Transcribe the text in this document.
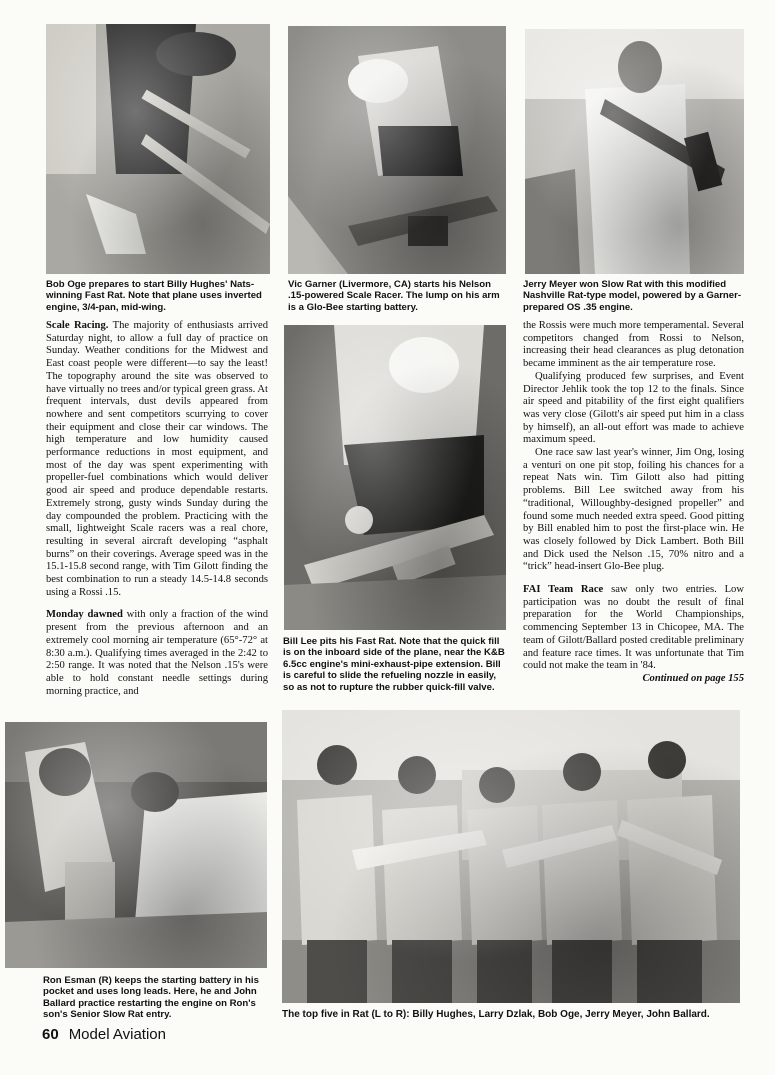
Bob Oge prepares to start Billy Hughes' Nats-winning Fast Rat. Note that plane uses inverted engine, 3/4-pan, mid-wing.

Vic Garner (Livermore, CA) starts his Nelson .15-powered Scale Racer. The lump on his arm is a Glo-Bee starting battery.

Jerry Meyer won Slow Rat with this modified Nashville Rat-type model, powered by a Garner-prepared OS .35 engine.

Scale Racing. The majority of enthusiasts arrived Saturday night, to allow a full day of practice on Sunday. Weather conditions for the Midwest and East coast people were different—to say the least! The topography around the site was observed to have virtually no trees and/or typical green grass. At frequent intervals, dust devils appeared from nowhere and sent competitors scurrying to cover their equipment and close their car windows. The high temperature and low humidity caused performance reductions in most equipment, and most of the day was spent experimenting with propeller-fuel combinations which would deliver good air speed and produce dependable restarts. Extremely strong, gusty winds Sunday during the day compounded the problem. Practicing with the small, lightweight Scale racers was a real chore, resulting in several aircraft developing “asphalt burns” on their coverings. Average speed was in the 15.1-15.8 second range, with Tim Gilott finding the best combination to run a steady 14.5-14.8 seconds using a Rossi .15.

Monday dawned with only a fraction of the wind present from the previous afternoon and an extremely cool morning air temperature (65°-72° at 8:30 a.m.). Qualifying times averaged in the 2:42 to 2:50 range. It was noted that the Nelson .15's were able to hold constant needle settings during morning practice, and

Bill Lee pits his Fast Rat. Note that the quick fill is on the inboard side of the plane, near the K&B 6.5cc engine's mini-exhaust-pipe extension. Bill is careful to slide the refueling nozzle in easily, so as not to rupture the rubber quick-fill valve.

the Rossis were much more temperamental. Several competitors changed from Rossi to Nelson, increasing their head clearances as plug detonation became imminent as the air temperature rose.

Qualifying produced few surprises, and Event Director Jehlik took the top 12 to the finals. Since air speed and pitability of the first eight qualifiers was very close (Gilott's air speed put him in a class by himself), an all-out effort was made to achieve maximum speed.

One race saw last year's winner, Jim Ong, losing a venturi on one pit stop, foiling his chances for a repeat Nats win. Tim Gilott also had pitting problems. Bill Lee switched away from his “traditional, Willoughby-designed propeller” and found some much needed extra speed. Good pitting by Bill enabled him to post the first-place win. He was closely followed by Dick Lambert. Both Bill and Dick used the Nelson .15, 70% nitro and a “trick” head-insert Glo-Bee plug.

FAI Team Race saw only two entries. Low participation was no doubt the result of final preparation for the World Championships, commencing September 13 in Chicopee, MA. The team of Gilott/Ballard posted creditable preliminary and feature race times. It was unfortunate that Tim could not make the team in '84.

Continued on page 155

Ron Esman (R) keeps the starting battery in his pocket and uses long leads. Here, he and John Ballard practice restarting the engine on Ron's son's Senior Slow Rat entry.	The top five in Rat (L to R): Billy Hughes, Larry Dzlak, Bob Oge, Jerry Meyer, John Ballard.

60 Model Aviation
